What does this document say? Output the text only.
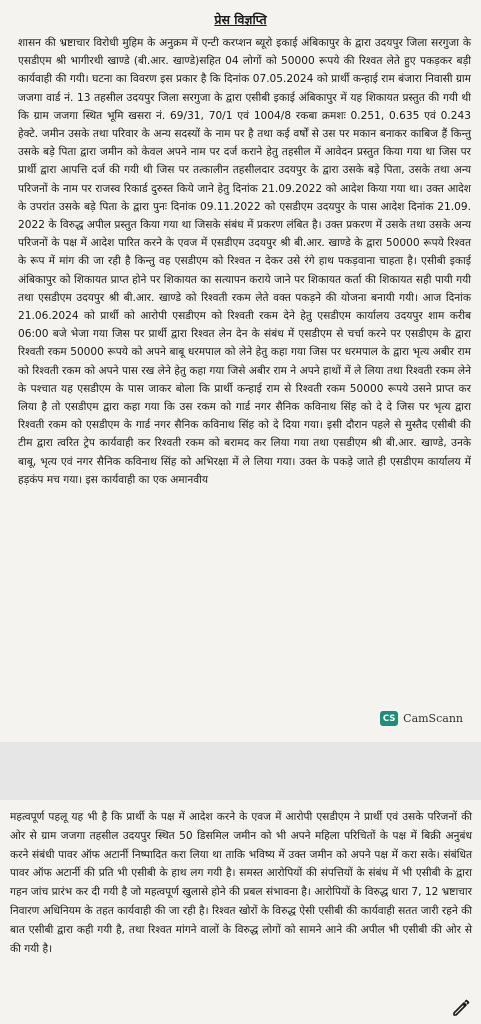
प्रेस विज्ञप्ति

शासन की भ्रष्टाचार विरोधी मुहिम के अनुक्रम में एन्टी करप्शन ब्यूरो इकाई अंबिकापुर के द्वारा उदयपुर जिला सरगुजा के एसडीएम श्री भागीरथी खाण्डे (बी.आर. खाण्डे)सहित 04 लोगों को 50000 रूपये की रिश्वत लेते हुए पकड़कर बड़ी कार्यवाही की गयी। घटना का विवरण इस प्रकार है कि दिनांक 07.05.2024 को प्रार्थी कन्हाई राम बंजारा निवासी ग्राम जजगा वार्ड नं. 13 तहसील उदयपुर जिला सरगुजा के द्वारा एसीबी इकाई अंबिकापुर में यह शिकायत प्रस्तुत की गयी थी कि ग्राम जजगा स्थित भूमि खसरा नं. 69/31, 70/1 एवं 1004/8 रकबा क्रमशः 0.251, 0.635 एवं 0.243 हेक्टे. जमीन उसके तथा परिवार के अन्य सदस्यों के नाम पर है तथा कई वर्षों से उस पर मकान बनाकर काबिज हैं किन्तु उसके बड़े पिता द्वारा जमीन को केवल अपने नाम पर दर्ज कराने हेतु तहसील में आवेदन प्रस्तुत किया गया था जिस पर प्रार्थी द्वारा आपत्ति दर्ज की गयी थी जिस पर तत्कालीन तहसीलदार उदयपुर के द्वारा उसके बड़े पिता, उसके तथा अन्य परिजनों के नाम पर राजस्व रिकार्ड दुरुस्त किये जाने हेतु दिनांक 21.09.2022 को आदेश किया गया था। उक्त आदेश के उपरांत उसके बड़े पिता के द्वारा पुनः दिनांक 09.11.2022 को एसडीएम उदयपुर के पास आदेश दिनांक 21.09. 2022 के विरुद्ध अपील प्रस्तुत किया गया था जिसके संबंध में प्रकरण लंबित है। उक्त प्रकरण में उसके तथा उसके अन्य परिजनों के पक्ष में आदेश पारित करने के एवज में एसडीएम उदयपुर श्री बी.आर. खाण्डे के द्वारा 50000 रूपये रिश्वत के रूप में मांग की जा रही है किन्तु वह एसडीएम को रिश्वत न देकर उसे रंगे हाथ पकड़वाना चाहता है। एसीबी इकाई अंबिकापुर को शिकायत प्राप्त होने पर शिकायत का सत्यापन कराये जाने पर शिकायत कर्ता की शिकायत सही पायी गयी तथा एसडीएम उदयपुर श्री बी.आर. खाण्डे को रिश्वती रकम लेते वक्त पकड़ने की योजना बनायी गयी। आज दिनांक 21.06.2024 को प्रार्थी को आरोपी एसडीएम को रिश्वती रकम देने हेतु एसडीएम कार्यालय उदयपुर शाम करीब 06:00 बजे भेजा गया जिस पर प्रार्थी द्वारा रिश्वत लेन देन के संबंध में एसडीएम से चर्चा करने पर एसडीएम के द्वारा रिश्वती रकम 50000 रूपये को अपने बाबू धरमपाल को लेने हेतु कहा गया जिस पर धरमपाल के द्वारा भृत्य अबीर राम को रिश्वती रकम को अपने पास रख लेने हेतु कहा गया जिसे अबीर राम ने अपने हाथों में ले लिया तथा रिश्वती रकम लेने के पश्चात यह एसडीएम के पास जाकर बोला कि प्रार्थी कन्हाई राम से रिश्वती रकम 50000 रूपये उसने प्राप्त कर लिया है तो एसडीएम द्वारा कहा गया कि उस रकम को गार्ड नगर सैनिक कविनाथ सिंह को दे दे जिस पर भृत्य द्वारा रिश्वती रकम को एसडीएम के गार्ड नगर सैनिक कविनाथ सिंह को दे दिया गया। इसी दौरान पहले से मुस्तैद एसीबी की टीम द्वारा त्वरित ट्रेप कार्यवाही कर रिश्वती रकम को बरामद कर लिया गया तथा एसडीएम श्री बी.आर. खाण्डे, उनके बाबू, भृत्य एवं नगर सैनिक कविनाथ सिंह को अभिरक्षा में ले लिया गया। उक्त के पकड़े जाते ही एसडीएम कार्यालय में हड़कंप मच गया। इस कार्यवाही का एक अमानवीय

CS CamScann

महत्वपूर्ण पहलू यह भी है कि प्रार्थी के पक्ष में आदेश करने के एवज में आरोपी एसडीएम ने प्रार्थी एवं उसके परिजनों की ओर से ग्राम जजगा तहसील उदयपुर स्थित 50 डिसमिल जमीन को भी अपने महिला परिचितों के पक्ष में बिक्री अनुबंध करने संबंधी पावर ऑफ अटार्नी निष्पादित करा लिया था ताकि भविष्य में उक्त जमीन को अपने पक्ष में करा सके। संबंधित पावर ऑफ अटार्नी की प्रति भी एसीबी के हाथ लग गयी है। समस्त आरोपियों की संपत्तियों के संबंध में भी एसीबी के द्वारा गहन जांच प्रारंभ कर दी गयी है जो महत्वपूर्ण खुलासे होने की प्रबल संभावना है। आरोपियों के विरुद्ध धारा 7, 12 भ्रष्टाचार निवारण अधिनियम के तहत कार्यवाही की जा रही है। रिश्वत खोरों के विरुद्ध ऐसी एसीबी की कार्यवाही सतत जारी रहने की बात एसीबी द्वारा कही गयी है, तथा रिश्वत मांगने वालों के विरुद्ध लोगों को सामने आने की अपील भी एसीबी की ओर से की गयी है।
